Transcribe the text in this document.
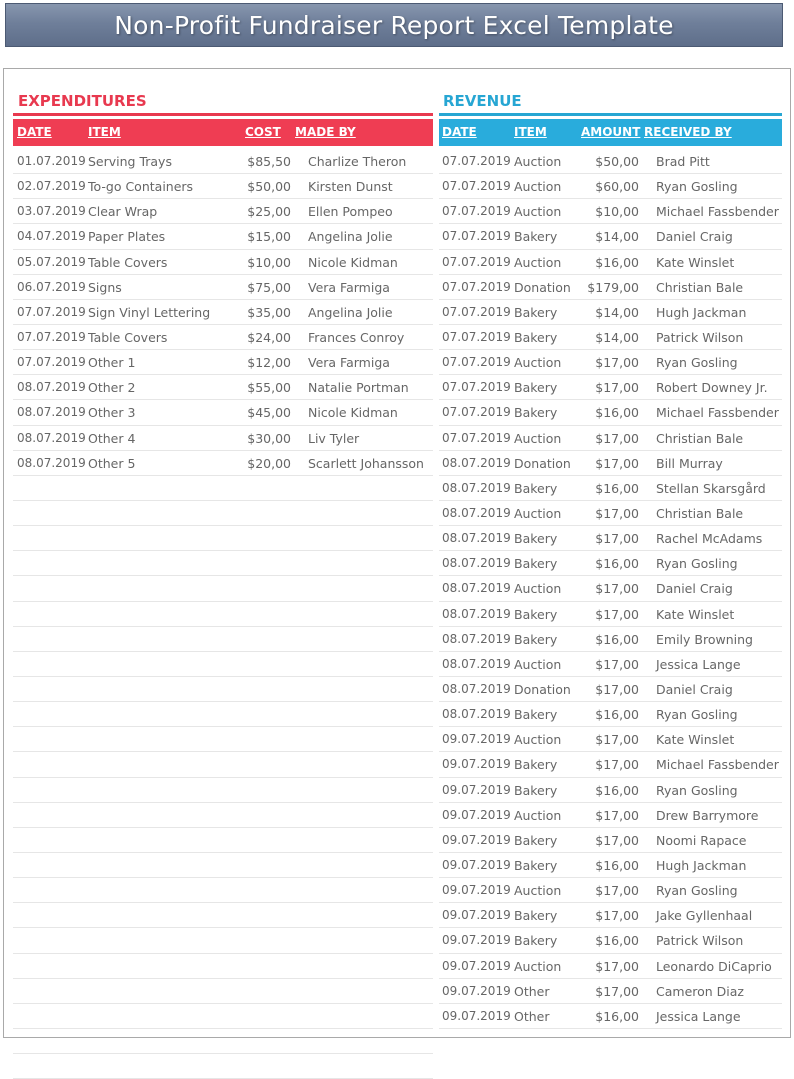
Non-Profit Fundraiser Report Excel Template
EXPENDITURES
DATE	ITEM	COST MADE BY
01.07.2019 Serving Trays	$85,50 Charlize Theron
02.07.2019 To-go Containers	$50,00 Kirsten Dunst
03.07.2019 Clear Wrap	$25,00 Ellen Pompeo
04.07.2019 Paper Plates	$15,00 Angelina Jolie
05.07.2019 Table Covers	$10,00 Nicole Kidman
06.07.2019 Signs	$75,00 Vera Farmiga
07.07.2019 Sign Vinyl Lettering	$35,00 Angelina Jolie
07.07.2019 Table Covers	$24,00 Frances Conroy
07.07.2019 Other 1	$12,00 Vera Farmiga
08.07.2019 Other 2	$55,00 Natalie Portman
08.07.2019 Other 3	$45,00 Nicole Kidman
08.07.2019 Other 4	$30,00 Liv Tyler
08.07.2019 Other 5	$20,00 Scarlett Johansson
REVENUE
DATE	ITEM	AMOUNT RECEIVED BY
07.07.2019 Auction	$50,00 Brad Pitt
07.07.2019 Auction	$60,00 Ryan Gosling
07.07.2019 Auction	$10,00 Michael Fassbender
07.07.2019 Bakery	$14,00 Daniel Craig
07.07.2019 Auction	$16,00 Kate Winslet
07.07.2019 Donation $179,00 Christian Bale
07.07.2019 Bakery	$14,00 Hugh Jackman
07.07.2019 Bakery	$14,00 Patrick Wilson
07.07.2019 Auction	$17,00 Ryan Gosling
07.07.2019 Bakery	$17,00 Robert Downey Jr.
07.07.2019 Bakery	$16,00 Michael Fassbender
07.07.2019 Auction	$17,00 Christian Bale
08.07.2019 Donation $17,00 Bill Murray
08.07.2019 Bakery	$16,00 Stellan Skarsgård
08.07.2019 Auction	$17,00 Christian Bale
08.07.2019 Bakery	$17,00 Rachel McAdams
08.07.2019 Bakery	$16,00 Ryan Gosling
08.07.2019 Auction	$17,00 Daniel Craig
08.07.2019 Bakery	$17,00 Kate Winslet
08.07.2019 Bakery	$16,00 Emily Browning
08.07.2019 Auction	$17,00 Jessica Lange
08.07.2019 Donation $17,00 Daniel Craig
08.07.2019 Bakery	$16,00 Ryan Gosling
09.07.2019 Auction	$17,00 Kate Winslet
09.07.2019 Bakery	$17,00 Michael Fassbender
09.07.2019 Bakery	$16,00 Ryan Gosling
09.07.2019 Auction	$17,00 Drew Barrymore
09.07.2019 Bakery	$17,00 Noomi Rapace
09.07.2019 Bakery	$16,00 Hugh Jackman
09.07.2019 Auction	$17,00 Ryan Gosling
09.07.2019 Bakery	$17,00 Jake Gyllenhaal
09.07.2019 Bakery	$16,00 Patrick Wilson
09.07.2019 Auction	$17,00 Leonardo DiCaprio
09.07.2019 Other	$17,00 Cameron Diaz
09.07.2019 Other	$16,00 Jessica Lange
